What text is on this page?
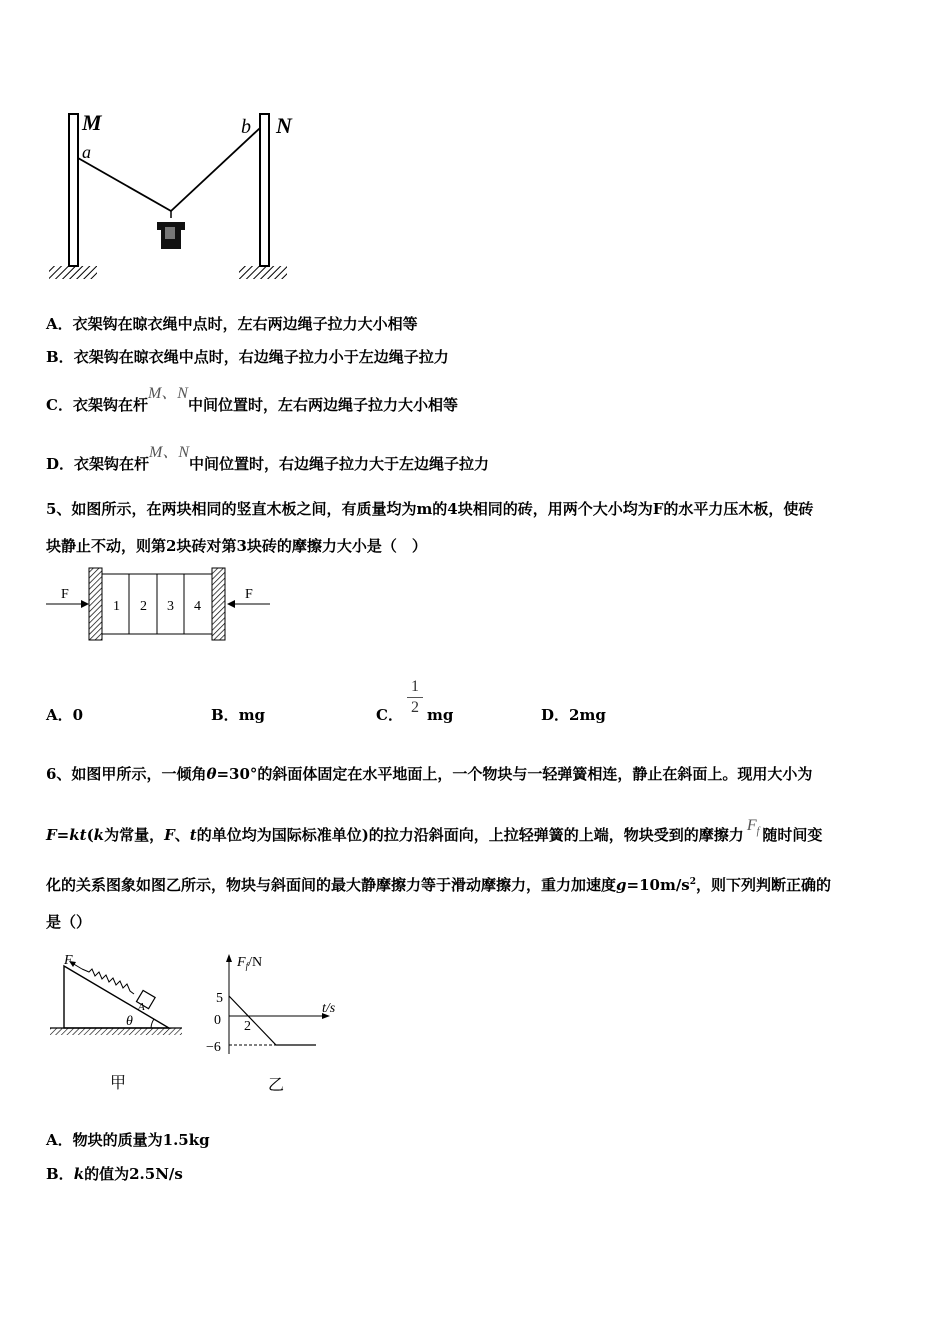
M
a
b N
A．衣架钩在晾衣绳中点时，左右两边绳子拉力大小相等
B．衣架钩在晾衣绳中点时，右边绳子拉力小于左边绳子拉力
C．衣架钩在杆M、N中间位置时，左右两边绳子拉力大小相等
D．衣架钩在杆M、N中间位置时，右边绳子拉力大于左边绳子拉力
5、如图所示，在两块相同的竖直木板之间，有质量均为m的4块相同的砖，用两个大小均为F的水平力压木板，使砖
块静止不动，则第2块砖对第3块砖的摩擦力大小是（　）
1 2 3 4
F	F
A．0	B．mg	C． mg
1
2	D．2mg
6、如图甲所示，一倾角θ=30°的斜面体固定在水平地面上，一个物块与一轻弹簧相连，静止在斜面上。现用大小为
F=kt(k为常量，F、t的单位均为国际标准单位)的拉力沿斜面向，上拉轻弹簧的上端，物块受到的摩擦力$F_f$ 随时间变
化的关系图象如图乙所示，物块与斜面间的最大静摩擦力等于滑动摩擦力，重力加速度$g=10m/s^2$，则下列判断正确的
是（）
A
F
θ
甲
$F_f/N$
t/s
5
0
−6
2
乙
A．物块的质量为1.5kg
B．k的值为2.5N/s
